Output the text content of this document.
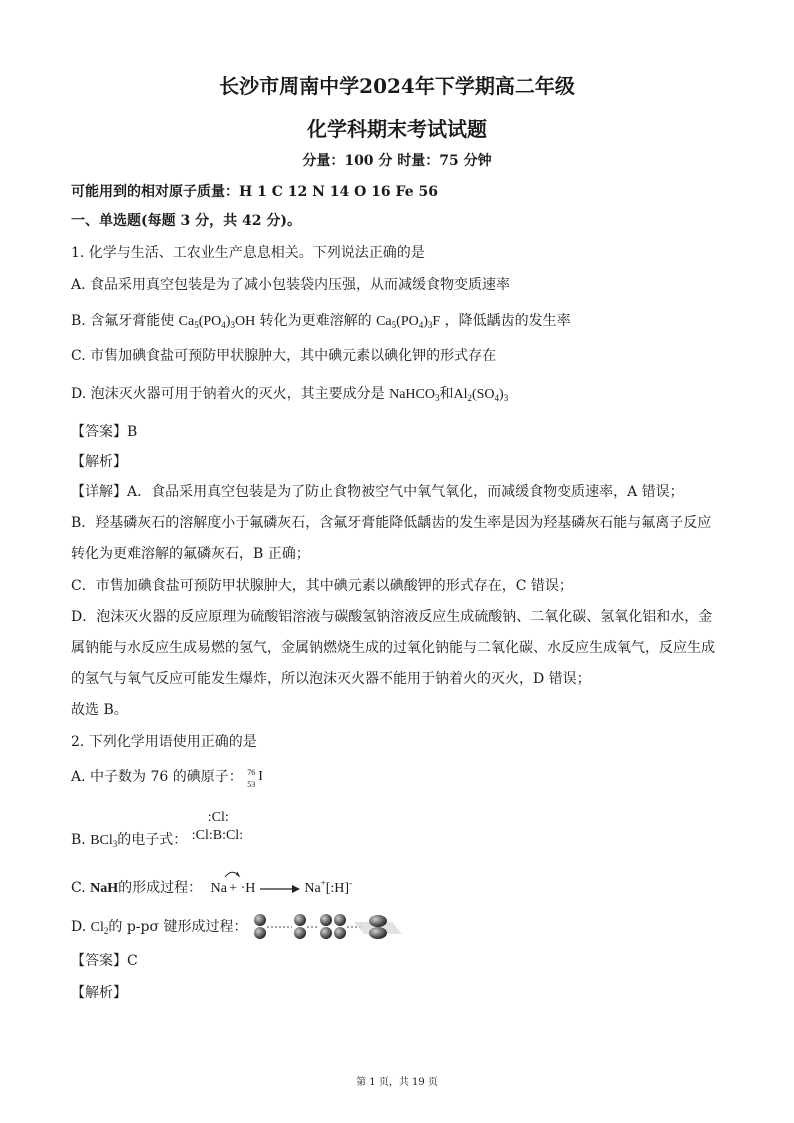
长沙市周南中学2024年下学期高二年级
化学科期末考试试题
分量：100 分 时量：75 分钟
可能用到的相对原子质量：H 1 C 12 N 14 O 16 Fe 56
一、单选题(每题 3 分，共 42 分)。
1. 化学与生活、工农业生产息息相关。下列说法正确的是
A. 食品采用真空包装是为了减小包装袋内压强，从而减缓食物变质速率
B. 含氟牙膏能使 $Ca_5(PO_4)_3OH$ 转化为更难溶解的 $Ca_5(PO_4)_3F$ ，降低龋齿的发生率
C. 市售加碘食盐可预防甲状腺肿大，其中碘元素以碘化钾的形式存在
D. 泡沫灭火器可用于钠着火的灭火，其主要成分是 NaHCO$_3$和$Al_2(SO_4)_3$
【答案】B
【解析】
【详解】A．食品采用真空包装是为了防止食物被空气中氧气氧化，而减缓食物变质速率，A 错误；
B．羟基磷灰石的溶解度小于氟磷灰石，含氟牙膏能降低龋齿的发生率是因为羟基磷灰石能与氟离子反应
转化为更难溶解的氟磷灰石，B 正确；
C．市售加碘食盐可预防甲状腺肿大，其中碘元素以碘酸钾的形式存在，C 错误；
D．泡沫灭火器的反应原理为硫酸铝溶液与碳酸氢钠溶液反应生成硫酸钠、二氧化碳、氢氧化铝和水，金
属钠能与水反应生成易燃的氢气，金属钠燃烧生成的过氧化钠能与二氧化碳、水反应生成氧气，反应生成
的氢气与氧气反应可能发生爆炸，所以泡沫灭火器不能用于钠着火的灭火，D 错误；
故选 B。
2. 下列化学用语使用正确的是
A. 中子数为 76 的碘原子： 76
53
I
B. BCl$_3$的电子式：
:Cl:
:Cl:B:Cl:
C. NaH的形成过程： Na + ·H → Na+[:H]-
D. $Cl_2$的 p-pσ 键形成过程：
【答案】C
【解析】
第 1 页，共 19 页
